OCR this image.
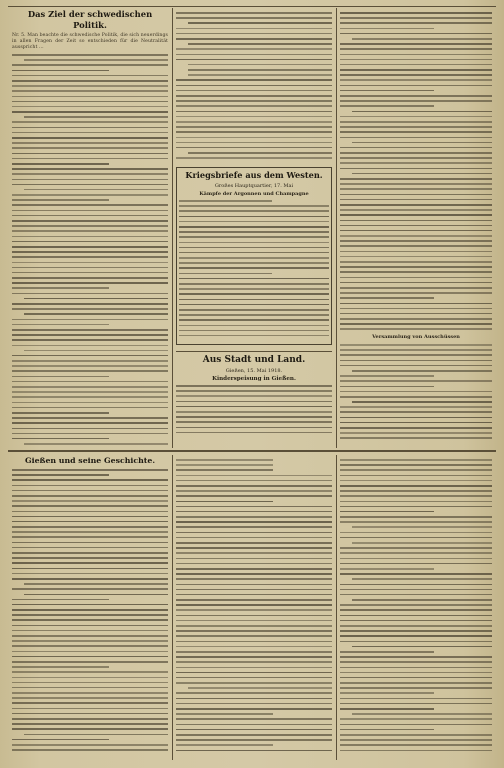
Das Ziel der schwedischen Politik.
Nr. 5. Man beachte die schwedische Politik, die sich neuerdings in allen Fragen der Zeit so entschieden für die Neutralität ausspricht ...
Kriegsbriefe aus dem Westen.
Großes Hauptquartier, 17. Mai
Kämpfe der Argonnen und Champagne
Aus Stadt und Land.
Gießen, 15. Mai 1918.
Kinderspeisung in Gießen.
Versammlung von Ausschüssen
Gießen und seine Geschichte.
